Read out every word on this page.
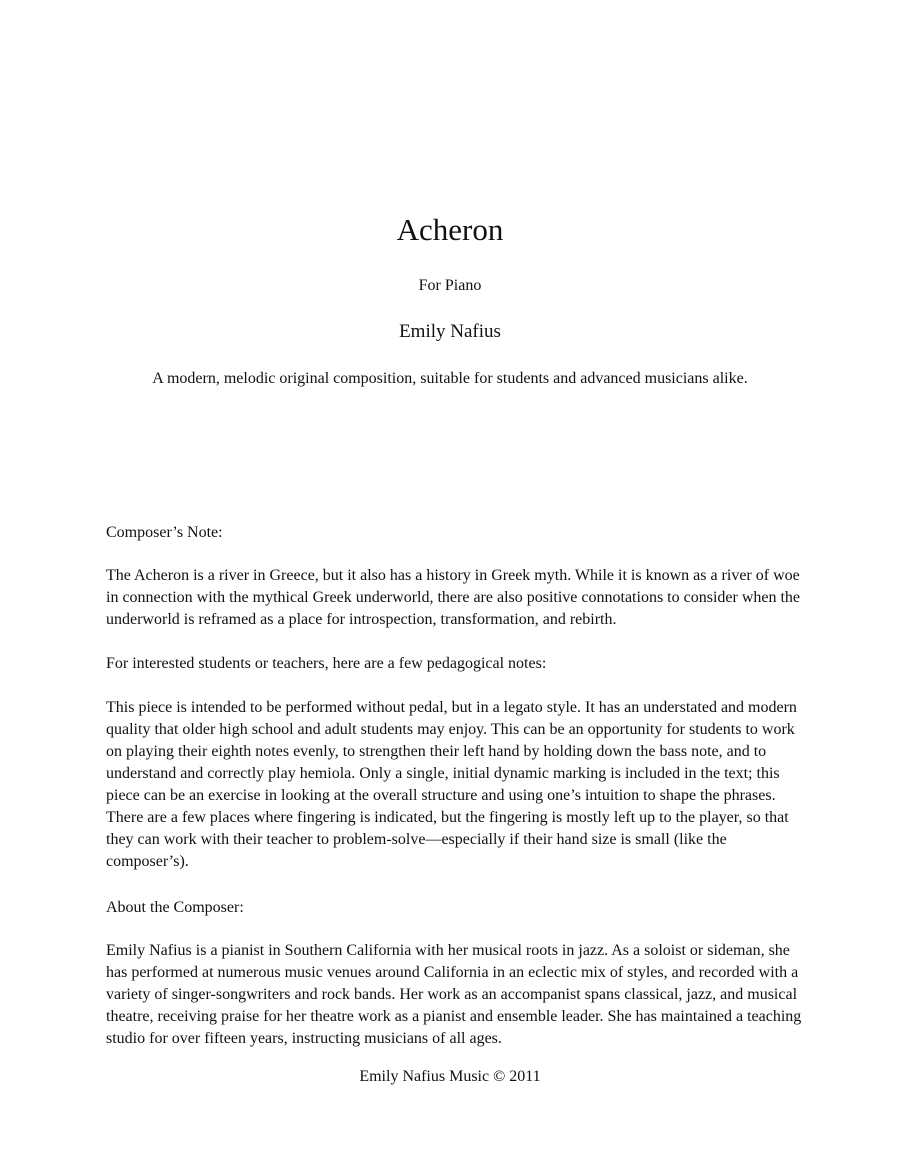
Acheron
For Piano
Emily Nafius
A modern, melodic original composition, suitable for students and advanced musicians alike.

Composer’s Note:

The Acheron is a river in Greece, but it also has a history in Greek myth. While it is known as a river of woe in connection with the mythical Greek underworld, there are also positive connotations to consider when the underworld is reframed as a place for introspection, transformation, and rebirth.

For interested students or teachers, here are a few pedagogical notes:

This piece is intended to be performed without pedal, but in a legato style. It has an understated and modern quality that older high school and adult students may enjoy. This can be an opportunity for students to work on playing their eighth notes evenly, to strengthen their left hand by holding down the bass note, and to understand and correctly play hemiola. Only a single, initial dynamic marking is included in the text; this piece can be an exercise in looking at the overall structure and using one’s intuition to shape the phrases. There are a few places where fingering is indicated, but the fingering is mostly left up to the player, so that they can work with their teacher to problem-solve—especially if their hand size is small (like the composer’s).

About the Composer:

Emily Nafius is a pianist in Southern California with her musical roots in jazz. As a soloist or sideman, she has performed at numerous music venues around California in an eclectic mix of styles, and recorded with a variety of singer-songwriters and rock bands. Her work as an accompanist spans classical, jazz, and musical theatre, receiving praise for her theatre work as a pianist and ensemble leader. She has maintained a teaching studio for over fifteen years, instructing musicians of all ages.

Emily Nafius Music © 2011
